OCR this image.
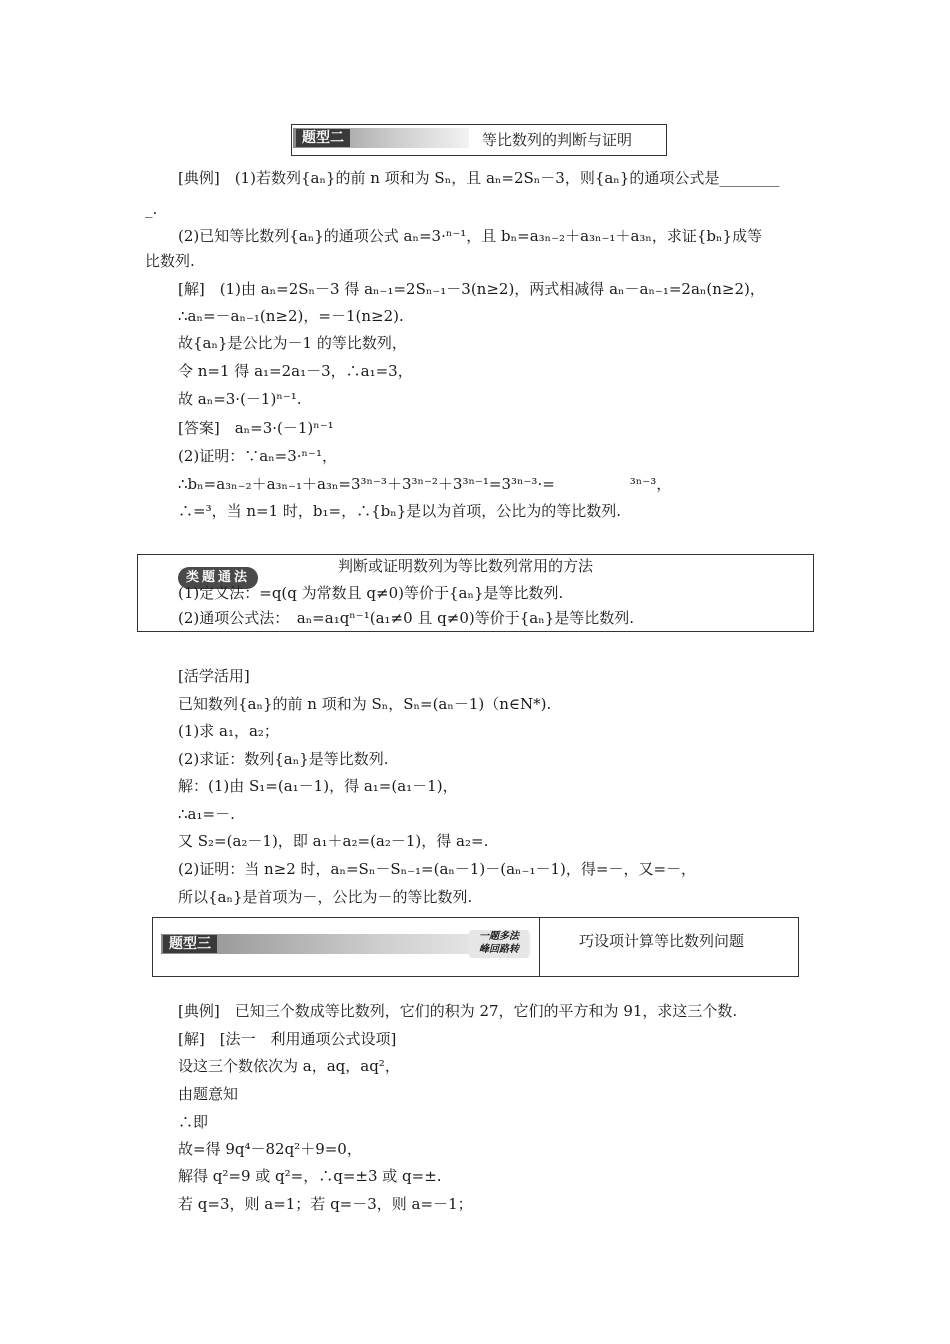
题型二	等比数列的判断与证明
[典例]　(1)若数列{aₙ}的前 n 项和为 Sₙ，且 aₙ=2Sₙ－3，则{aₙ}的通项公式是________
_.
(2)已知等比数列{aₙ}的通项公式 aₙ=3·ⁿ⁻¹，且 bₙ=a₃ₙ₋₂＋a₃ₙ₋₁＋a₃ₙ，求证{bₙ}成等
比数列.
[解]　(1)由 aₙ=2Sₙ－3 得 aₙ₋₁=2Sₙ₋₁－3(n≥2)，两式相减得 aₙ－aₙ₋₁=2aₙ(n≥2)，
∴aₙ=－aₙ₋₁(n≥2)，=－1(n≥2).
故{aₙ}是公比为－1 的等比数列，
令 n=1 得 a₁=2a₁－3，∴a₁=3，
故 aₙ=3·(－1)ⁿ⁻¹.
[答案]　aₙ=3·(－1)ⁿ⁻¹
(2)证明：∵aₙ=3·ⁿ⁻¹，
∴bₙ=a₃ₙ₋₂＋a₃ₙ₋₁＋a₃ₙ=3³ⁿ⁻³＋3³ⁿ⁻²＋3³ⁿ⁻¹=3³ⁿ⁻³·=　　　　　³ⁿ⁻³，
∴=³，当 n=1 时，b₁=，∴{bₙ}是以为首项，公比为的等比数列.
类题通法
判断或证明数列为等比数列常用的方法
(1)定义法：=q(q 为常数且 q≠0)等价于{aₙ}是等比数列.
(2)通项公式法：　aₙ=a₁qⁿ⁻¹(a₁≠0 且 q≠0)等价于{aₙ}是等比数列.
[活学活用]
已知数列{aₙ}的前 n 项和为 Sₙ，Sₙ=(aₙ－1)（n∈N*).
(1)求 a₁，a₂；
(2)求证：数列{aₙ}是等比数列.
解：(1)由 S₁=(a₁－1)，得 a₁=(a₁－1)，
∴a₁=－.
又 S₂=(a₂－1)，即 a₁＋a₂=(a₂－1)，得 a₂=.
(2)证明：当 n≥2 时，aₙ=Sₙ－Sₙ₋₁=(aₙ－1)－(aₙ₋₁－1)，得=－，又=－，
所以{aₙ}是首项为－，公比为－的等比数列.
题型三	一题多法
峰回路转	巧设项计算等比数列问题
[典例]　已知三个数成等比数列，它们的积为 27，它们的平方和为 91，求这三个数.
[解]　[法一　利用通项公式设项]
设这三个数依次为 a，aq，aq²，
由题意知
∴即
故=得 9q⁴－82q²＋9=0，
解得 q²=9 或 q²=，∴q=±3 或 q=±.
若 q=3，则 a=1；若 q=－3，则 a=－1；
